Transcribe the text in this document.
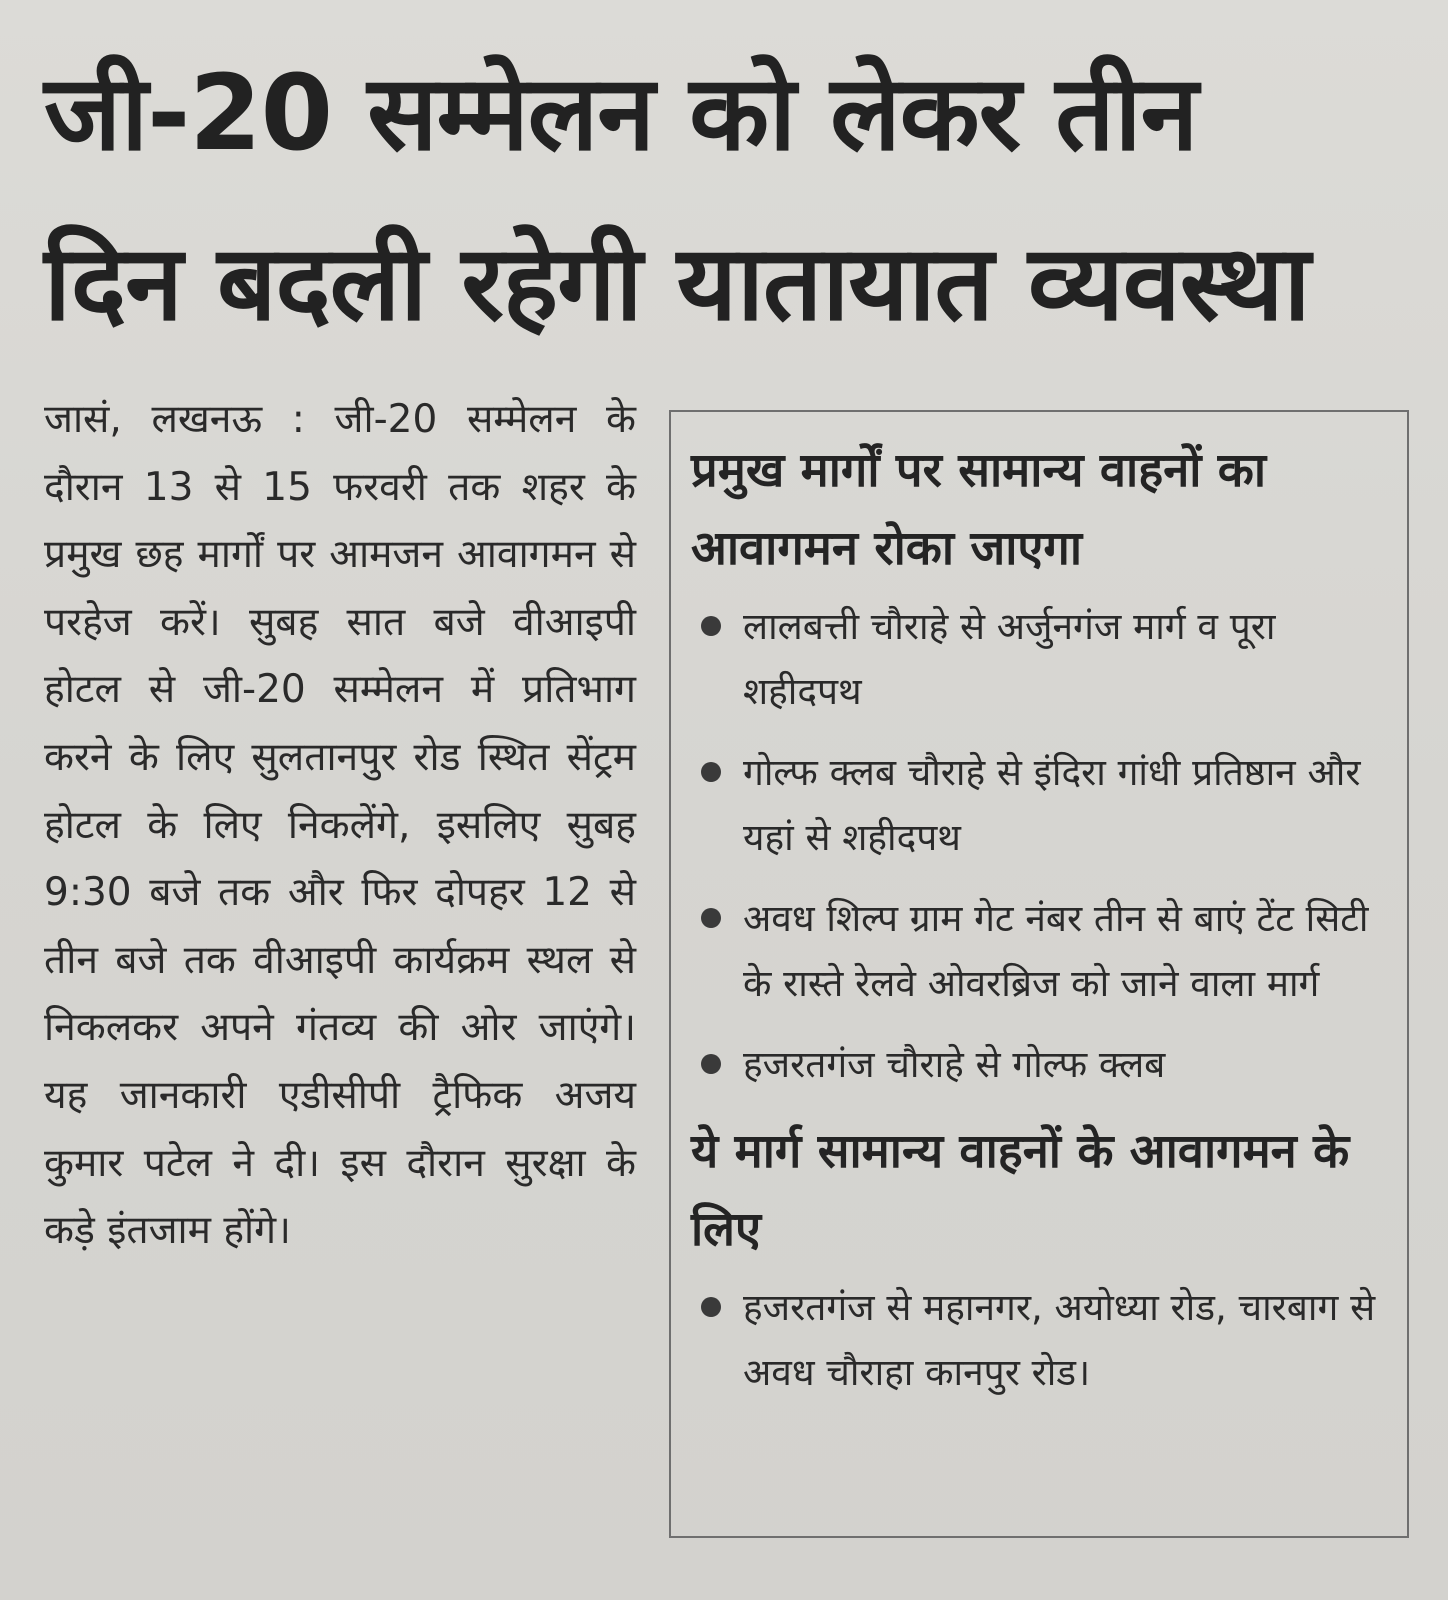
जी-20 सम्मेलन को लेकर तीन
दिन बदली रहेगी यातायात व्यवस्था

जासं, लखनऊ : जी-20 सम्मेलन के दौरान 13 से 15 फरवरी तक शहर के प्रमुख छह मार्गों पर आमजन आवागमन से परहेज करें। सुबह सात बजे वीआइपी होटल से जी-20 सम्मेलन में प्रतिभाग करने के लिए सुलतानपुर रोड स्थित सेंट्रम होटल के लिए निकलेंगे, इसलिए सुबह 9:30 बजे तक और फिर दोपहर 12 से तीन बजे तक वीआइपी कार्यक्रम स्थल से निकलकर अपने गंतव्य की ओर जाएंगे। यह जानकारी एडीसीपी ट्रैफिक अजय कुमार पटेल ने दी। इस दौरान सुरक्षा के कड़े इंतजाम होंगे।

प्रमुख मार्गों पर सामान्य वाहनों का आवागमन रोका जाएगा
लालबत्ती चौराहे से अर्जुनगंज मार्ग व पूरा शहीदपथ
गोल्फ क्लब चौराहे से इंदिरा गांधी प्रतिष्ठान और यहां से शहीदपथ
अवध शिल्प ग्राम गेट नंबर तीन से बाएं टेंट सिटी के रास्ते रेलवे ओवरब्रिज को जाने वाला मार्ग
हजरतगंज चौराहे से गोल्फ क्लब
ये मार्ग सामान्य वाहनों के आवागमन के लिए
हजरतगंज से महानगर, अयोध्या रोड, चारबाग से अवध चौराहा कानपुर रोड।
